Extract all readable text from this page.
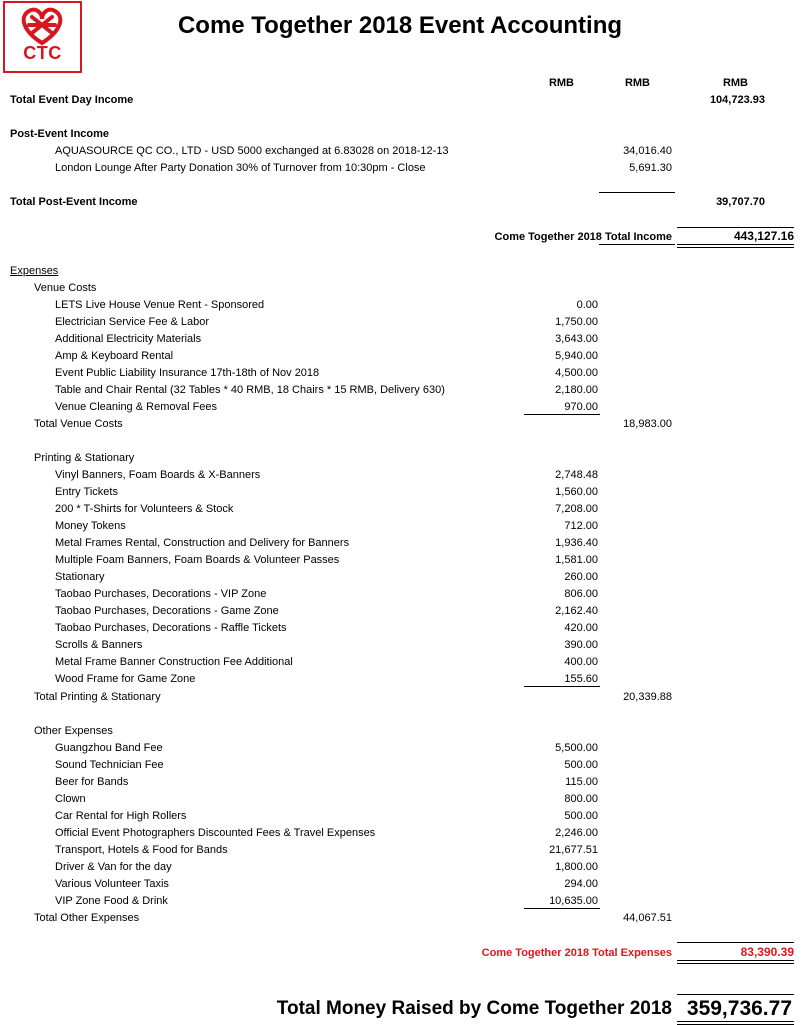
CTC
Come Together 2018 Event Accounting
RMB	RMB	RMB
Total Event Day Income	104,723.93
Post-Event Income
AQUASOURCE QC CO., LTD - USD 5000 exchanged at 6.83028 on 2018-12-13	34,016.40
London Lounge After Party Donation 30% of Turnover from 10:30pm - Close	5,691.30
Total Post-Event Income	39,707.70
Come Together 2018 Total Income	443,127.16
Expenses
Venue Costs
LETS Live House Venue Rent - Sponsored	0.00
Electrician Service Fee & Labor	1,750.00
Additional Electricity Materials	3,643.00
Amp & Keyboard Rental	5,940.00
Event Public Liability Insurance 17th-18th of Nov 2018	4,500.00
Table and Chair Rental (32 Tables * 40 RMB, 18 Chairs * 15 RMB, Delivery 630)	2,180.00
Venue Cleaning & Removal Fees	970.00
Total Venue Costs	18,983.00
Printing & Stationary
Vinyl Banners, Foam Boards & X-Banners	2,748.48
Entry Tickets	1,560.00
200 * T-Shirts for Volunteers & Stock	7,208.00
Money Tokens	712.00
Metal Frames Rental, Construction and Delivery for Banners	1,936.40
Multiple Foam Banners, Foam Boards & Volunteer Passes	1,581.00
Stationary	260.00
Taobao Purchases, Decorations - VIP Zone	806.00
Taobao Purchases, Decorations - Game Zone	2,162.40
Taobao Purchases, Decorations - Raffle Tickets	420.00
Scrolls & Banners	390.00
Metal Frame Banner Construction Fee Additional	400.00
Wood Frame for Game Zone	155.60
Total Printing & Stationary	20,339.88
Other Expenses
Guangzhou Band Fee	5,500.00
Sound Technician Fee	500.00
Beer for Bands	115.00
Clown	800.00
Car Rental for High Rollers	500.00
Official Event Photographers Discounted Fees & Travel Expenses	2,246.00
Transport, Hotels & Food for Bands	21,677.51
Driver & Van for the day	1,800.00
Various Volunteer Taxis	294.00
VIP Zone Food & Drink	10,635.00
Total Other Expenses	44,067.51
Come Together 2018 Total Expenses	83,390.39
Total Money Raised by Come Together 2018 359,736.77
